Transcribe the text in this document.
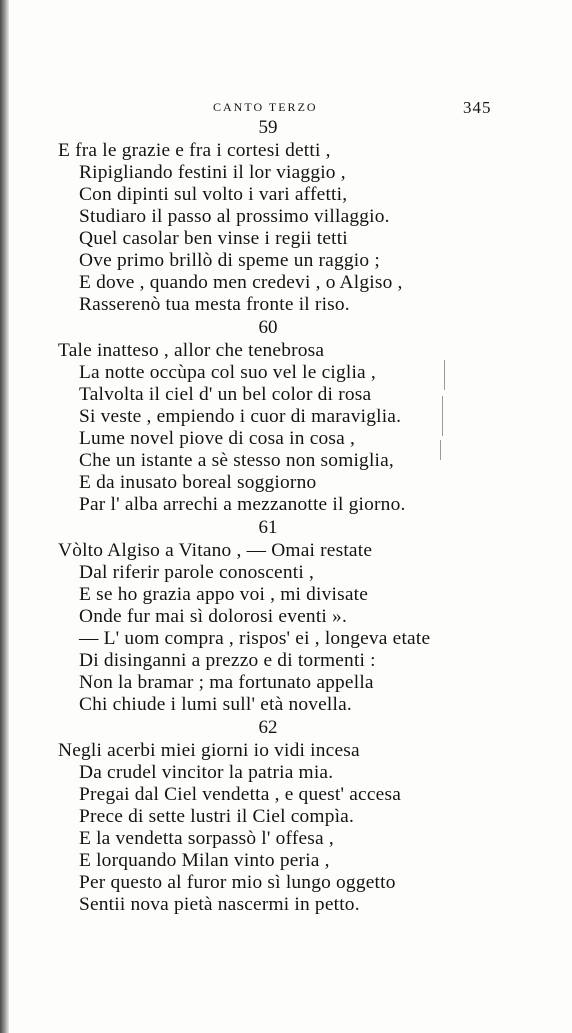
CANTO TERZO	345
59
E fra le grazie e fra i cortesi detti ,
Ripigliando festini il lor viaggio ,
Con dipinti sul volto i vari affetti,
Studiaro il passo al prossimo villaggio.
Quel casolar ben vinse i regii tetti
Ove primo brillò di speme un raggio ;
E dove , quando men credevi , o Algiso ,
Rasserenò tua mesta fronte il riso.
60
Tale inatteso , allor che tenebrosa
La notte occùpa col suo vel le ciglia ,
Talvolta il ciel d' un bel color di rosa
Si veste , empiendo i cuor di maraviglia.
Lume novel piove di cosa in cosa ,
Che un istante a sè stesso non somiglia,
E da inusato boreal soggiorno
Par l' alba arrechi a mezzanotte il giorno.
61
Vòlto Algiso a Vitano , — Omai restate
Dal riferir parole conoscenti ,
E se ho grazia appo voi , mi divisate
Onde fur mai sì dolorosi eventi ».
— L' uom compra , rispos' ei , longeva etate
Di disinganni a prezzo e di tormenti :
Non la bramar ; ma fortunato appella
Chi chiude i lumi sull' età novella.
62
Negli acerbi miei giorni io vidi incesa
Da crudel vincitor la patria mia.
Pregai dal Ciel vendetta , e quest' accesa
Prece di sette lustri il Ciel compìa.
E la vendetta sorpassò l' offesa ,
E lorquando Milan vinto peria ,
Per questo al furor mio sì lungo oggetto
Sentii nova pietà nascermi in petto.
